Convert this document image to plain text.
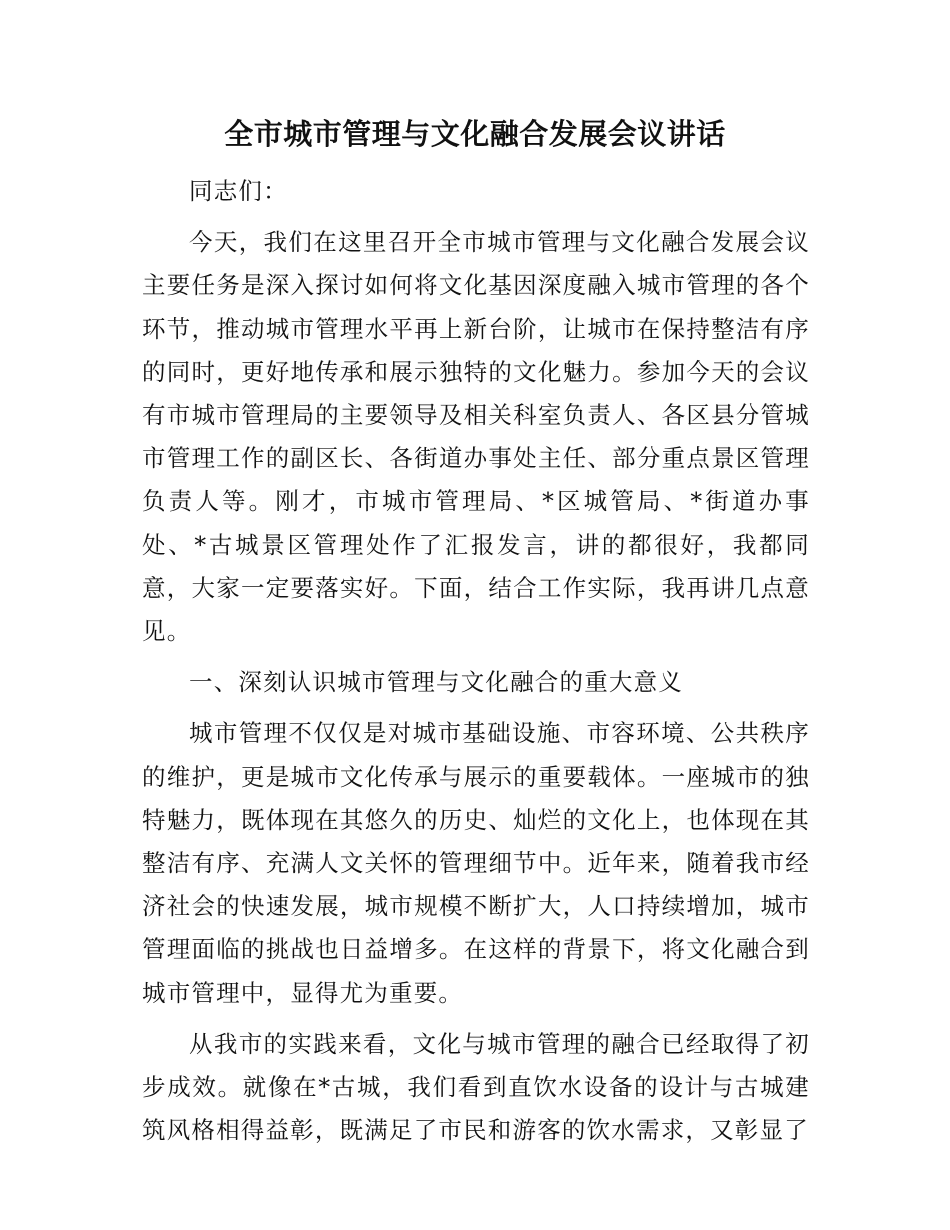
全市城市管理与文化融合发展会议讲话

同志们：

今天，我们在这里召开全市城市管理与文化融合发展会议主要任务是深入探讨如何将文化基因深度融入城市管理的各个环节，推动城市管理水平再上新台阶，让城市在保持整洁有序的同时，更好地传承和展示独特的文化魅力。参加今天的会议有市城市管理局的主要领导及相关科室负责人、各区县分管城市管理工作的副区长、各街道办事处主任、部分重点景区管理负责人等。刚才，市城市管理局、*区城管局、*街道办事处、*古城景区管理处作了汇报发言，讲的都很好，我都同意，大家一定要落实好。下面，结合工作实际，我再讲几点意见。

一、深刻认识城市管理与文化融合的重大意义

城市管理不仅仅是对城市基础设施、市容环境、公共秩序的维护，更是城市文化传承与展示的重要载体。一座城市的独特魅力，既体现在其悠久的历史、灿烂的文化上，也体现在其整洁有序、充满人文关怀的管理细节中。近年来，随着我市经济社会的快速发展，城市规模不断扩大，人口持续增加，城市管理面临的挑战也日益增多。在这样的背景下，将文化融合到城市管理中，显得尤为重要。

从我市的实践来看，文化与城市管理的融合已经取得了初步成效。就像在*古城，我们看到直饮水设备的设计与古城建筑风格相得益彰，既满足了市民和游客的饮水需求，又彰显了
